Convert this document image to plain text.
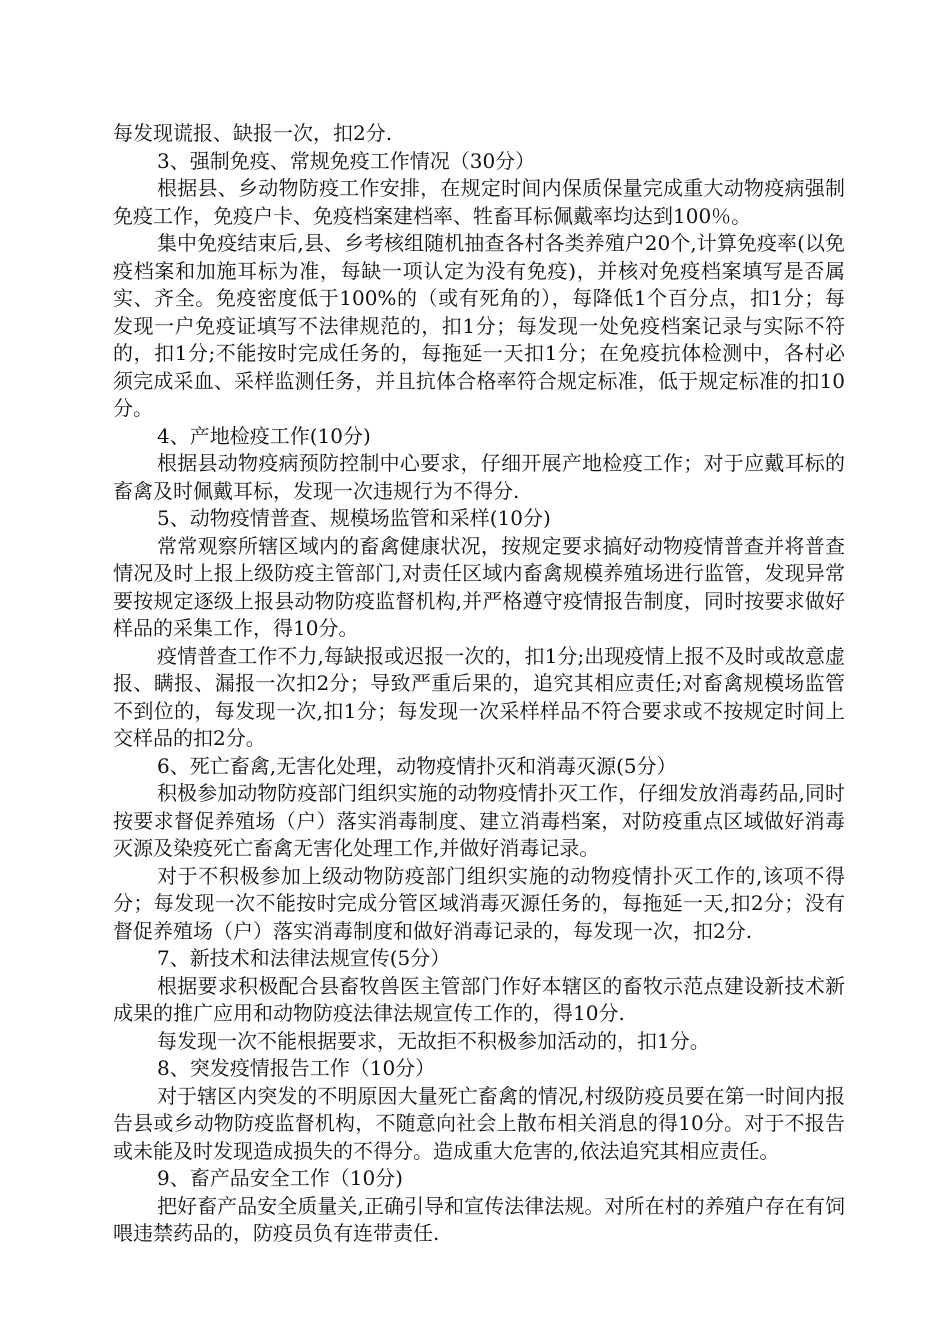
每发现谎报、缺报一次，扣2分.

3、强制免疫、常规免疫工作情况（30分）

根据县、乡动物防疫工作安排，在规定时间内保质保量完成重大动物疫病强制免疫工作，免疫户卡、免疫档案建档率、牲畜耳标佩戴率均达到100％。

集中免疫结束后,县、乡考核组随机抽查各村各类养殖户20个,计算免疫率(以免疫档案和加施耳标为准，每缺一项认定为没有免疫)，并核对免疫档案填写是否属实、齐全。免疫密度低于100%的（或有死角的），每降低1个百分点，扣1分；每发现一户免疫证填写不法律规范的，扣1分；每发现一处免疫档案记录与实际不符的，扣1分;不能按时完成任务的，每拖延一天扣1分；在免疫抗体检测中，各村必须完成采血、采样监测任务，并且抗体合格率符合规定标准，低于规定标准的扣10分。

4、产地检疫工作(10分)

根据县动物疫病预防控制中心要求，仔细开展产地检疫工作；对于应戴耳标的畜禽及时佩戴耳标，发现一次违规行为不得分.

5、动物疫情普查、规模场监管和采样(10分)

常常观察所辖区域内的畜禽健康状况，按规定要求搞好动物疫情普查并将普查情况及时上报上级防疫主管部门,对责任区域内畜禽规模养殖场进行监管，发现异常要按规定逐级上报县动物防疫监督机构,并严格遵守疫情报告制度，同时按要求做好样品的采集工作，得10分。

疫情普查工作不力,每缺报或迟报一次的，扣1分;出现疫情上报不及时或故意虚报、瞒报、漏报一次扣2分；导致严重后果的，追究其相应责任;对畜禽规模场监管不到位的，每发现一次,扣1分；每发现一次采样样品不符合要求或不按规定时间上交样品的扣2分。

6、死亡畜禽,无害化处理，动物疫情扑灭和消毒灭源(5分）

积极参加动物防疫部门组织实施的动物疫情扑灭工作，仔细发放消毒药品,同时按要求督促养殖场（户）落实消毒制度、建立消毒档案，对防疫重点区域做好消毒灭源及染疫死亡畜禽无害化处理工作,并做好消毒记录。

对于不积极参加上级动物防疫部门组织实施的动物疫情扑灭工作的,该项不得分；每发现一次不能按时完成分管区域消毒灭源任务的，每拖延一天,扣2分；没有督促养殖场（户）落实消毒制度和做好消毒记录的，每发现一次，扣2分.

7、新技术和法律法规宣传(5分）

根据要求积极配合县畜牧兽医主管部门作好本辖区的畜牧示范点建设新技术新成果的推广应用和动物防疫法律法规宣传工作的，得10分.

每发现一次不能根据要求，无故拒不积极参加活动的，扣1分。

8、突发疫情报告工作（10分）

对于辖区内突发的不明原因大量死亡畜禽的情况,村级防疫员要在第一时间内报告县或乡动物防疫监督机构，不随意向社会上散布相关消息的得10分。对于不报告或未能及时发现造成损失的不得分。造成重大危害的,依法追究其相应责任。

9、畜产品安全工作（10分)

把好畜产品安全质量关,正确引导和宣传法律法规。对所在村的养殖户存在有饲喂违禁药品的，防疫员负有连带责任.
